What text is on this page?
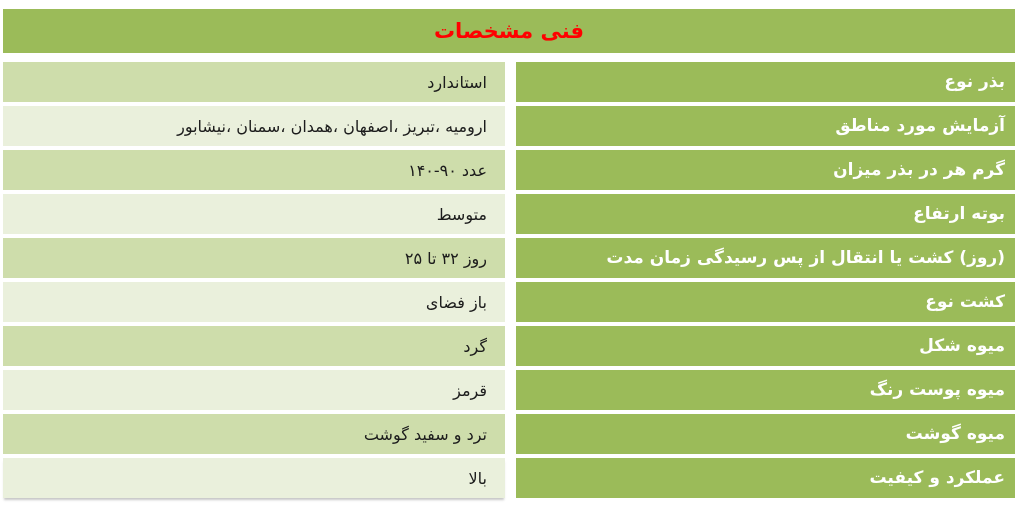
مشخصات ‎فنی
استاندارد	نوع ‎بذر
نیشابور، ‎سمنان، ‎همدان، ‎اصفهان، ‎تبریز، ‎ارومیه	مناطق ‎مورد ‎آزمایش
۱۴۰-۹۰ ‎عدد	میزان ‎بذر ‎در ‎هر ‎گرم
متوسط	ارتفاع ‎بوته
۲۵ ‎تا ‎۳۲ ‎روز	مدت ‎زمان ‎رسیدگی ‎پس ‎از ‎انتقال ‎یا ‎کشت ‎(روز)
فضای ‎باز	نوع ‎کشت
گرد	شکل ‎میوه
قرمز	رنگ ‎پوست ‎میوه
گوشت ‎سفید ‎و ‎ترد	گوشت ‎میوه
بالا	کیفیت ‎و ‎عملکرد
